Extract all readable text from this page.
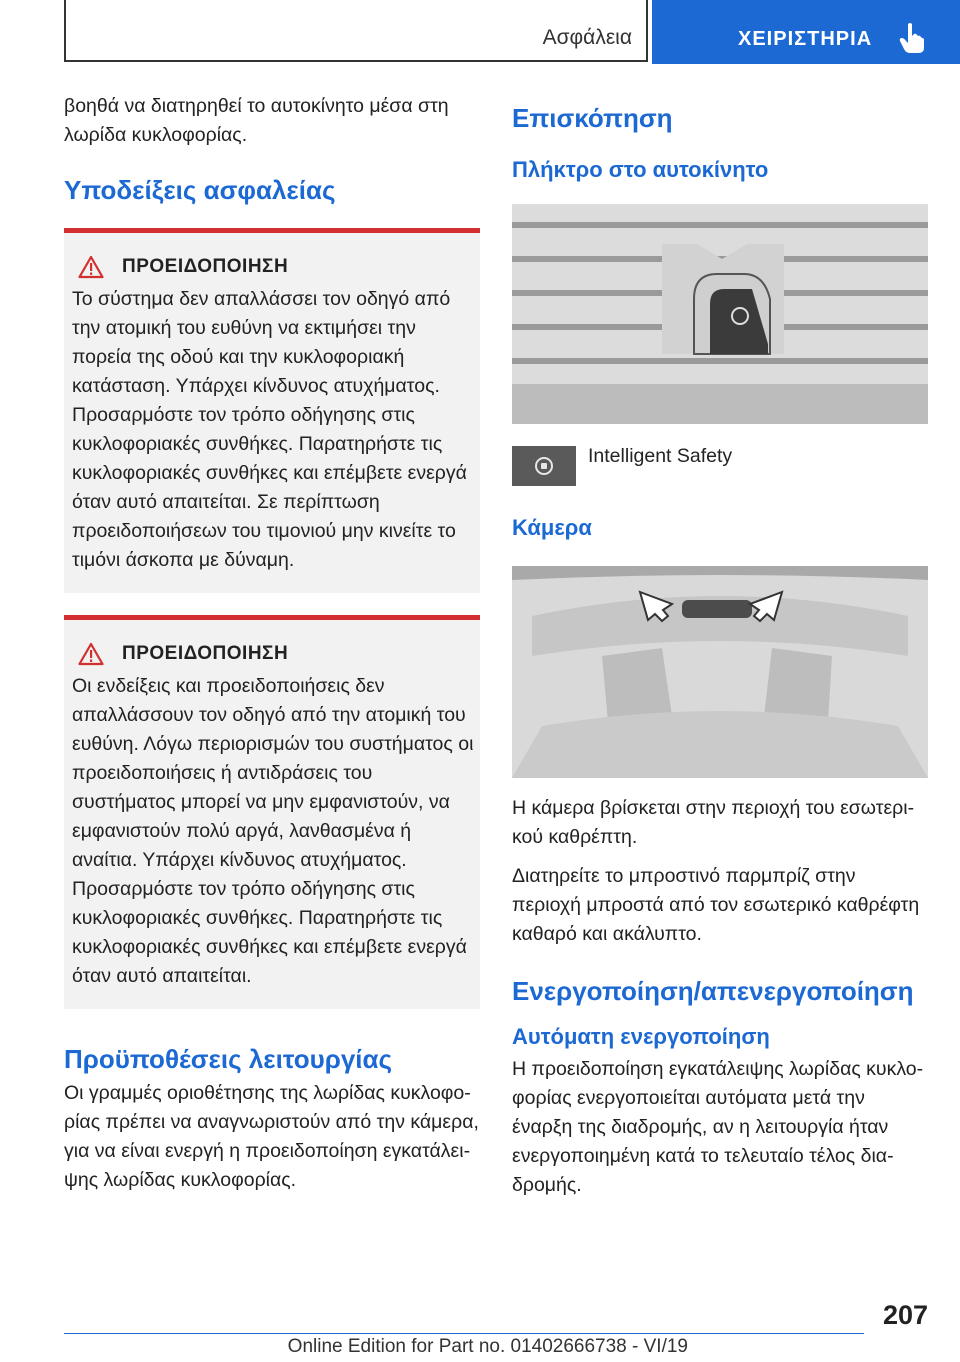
Ασφάλεια	ΧΕΙΡΙΣΤΗΡΙΑ

βοηθά να διατηρηθεί το αυτοκίνητο μέσα στη λωρίδα κυκλοφορίας.

Υποδείξεις ασφαλείας
ΠΡΟΕΙΔΟΠΟΙΗΣΗ
Το σύστημα δεν απαλλάσσει τον οδηγό από την ατομική του ευθύνη να εκτιμήσει την πορεία της οδού και την κυκλοφοριακή κατάσταση. Υπάρχει κίνδυνος ατυχήματος. Προσαρμόστε τον τρόπο οδήγησης στις κυκλοφοριακές συνθήκες. Παρατηρήστε τις κυκλοφοριακές συνθήκες και επέμβετε ενεργά όταν αυτό απαιτείται. Σε περίπτωση προειδοποιήσεων του τιμονιού μην κινείτε το τιμόνι άσκοπα με δύναμη.
ΠΡΟΕΙΔΟΠΟΙΗΣΗ
Οι ενδείξεις και προειδοποιήσεις δεν απαλλάσσουν τον οδηγό από την ατομική του ευθύνη. Λόγω περιορισμών του συστήματος οι προειδοποιήσεις ή αντιδράσεις του συστήματος μπορεί να μην εμφανιστούν, να εμφανιστούν πολύ αργά, λανθασμένα ή αναίτια. Υπάρχει κίνδυνος ατυχήματος. Προσαρμόστε τον τρόπο οδήγησης στις κυκλοφοριακές συνθήκες. Παρατηρήστε τις κυκλοφοριακές συνθήκες και επέμβετε ενεργά όταν αυτό απαιτείται.
Προϋποθέσεις λειτουργίας

Οι γραμμές οριοθέτησης της λωρίδας κυκλοφορίας πρέπει να αναγνωριστούν από την κάμερα, για να είναι ενεργή η προειδοποίηση εγκατάλειψης λωρίδας κυκλοφορίας.

Επισκόπηση
Πλήκτρο στο αυτοκίνητο
Intelligent Safety
Κάμερα

Η κάμερα βρίσκεται στην περιοχή του εσωτερικού καθρέπτη.

Διατηρείτε το μπροστινό παρμπρίζ στην περιοχή μπροστά από τον εσωτερικό καθρέφτη καθαρό και ακάλυπτο.

Ενεργοποίηση/απενεργοποίηση
Αυτόματη ενεργοποίηση

Η προειδοποίηση εγκατάλειψης λωρίδας κυκλοφορίας ενεργοποιείται αυτόματα μετά την έναρξη της διαδρομής, αν η λειτουργία ήταν ενεργοποιημένη κατά το τελευταίο τέλος διαδρομής.

207
Online Edition for Part no. 01402666738 - VI/19
